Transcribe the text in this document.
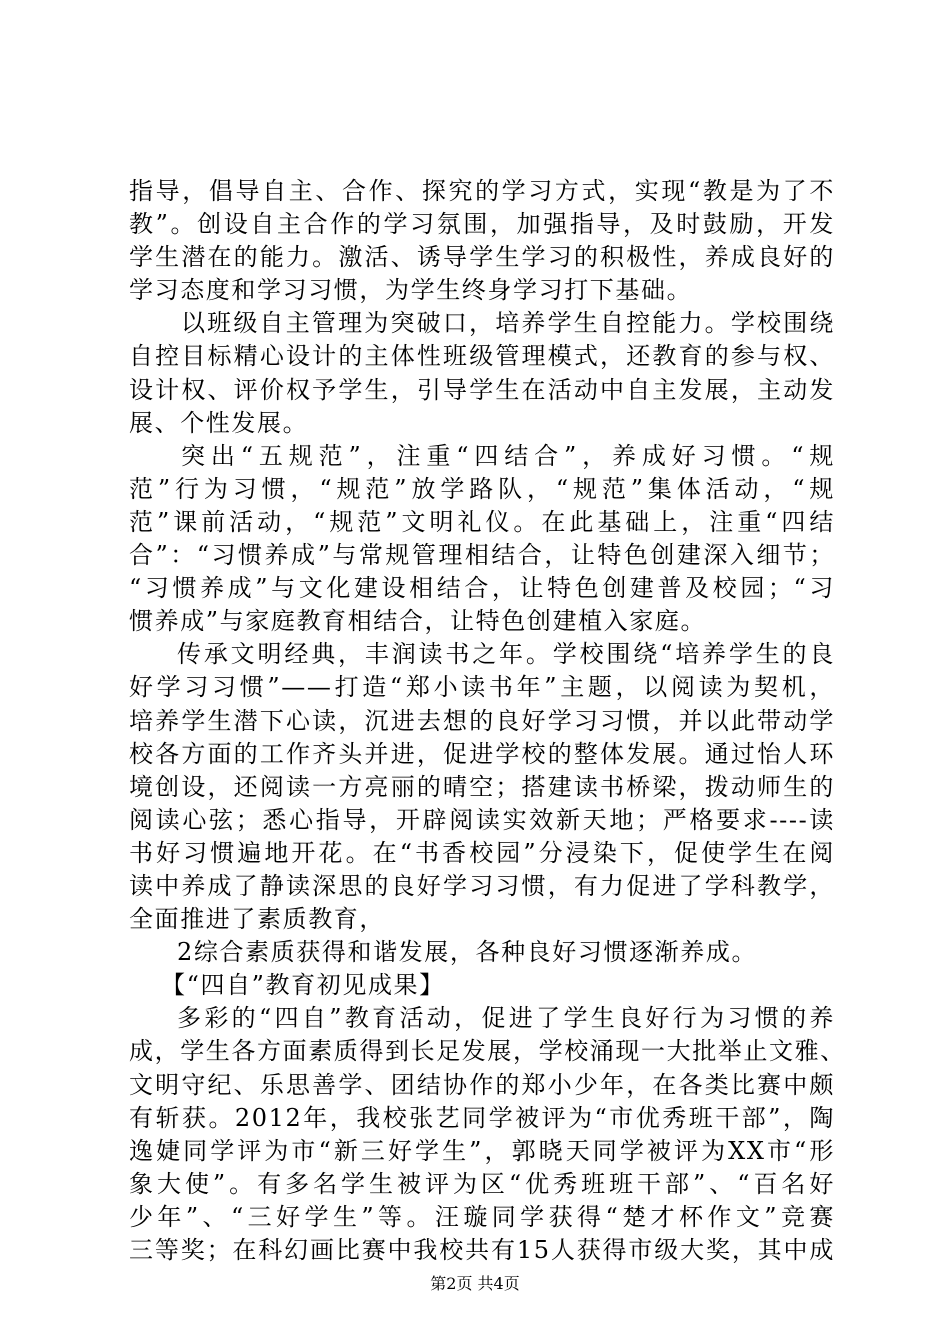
指导，倡导自主、合作、探究的学习方式，实现“教是为了不
教”。创设自主合作的学习氛围，加强指导，及时鼓励，开发
学生潜在的能力。激活、诱导学生学习的积极性，养成良好的
学习态度和学习习惯，为学生终身学习打下基础。
以班级自主管理为突破口，培养学生自控能力。学校围绕
自控目标精心设计的主体性班级管理模式，还教育的参与权、
设计权、评价权予学生，引导学生在活动中自主发展，主动发
展、个性发展。
突出“五规范”，注重“四结合”，养成好习惯。“规
范”行为习惯，“规范”放学路队，“规范”集体活动，“规
范”课前活动，“规范”文明礼仪。在此基础上，注重“四结
合”：“习惯养成”与常规管理相结合，让特色创建深入细节；
“习惯养成”与文化建设相结合，让特色创建普及校园；“习
惯养成”与家庭教育相结合，让特色创建植入家庭。
传承文明经典，丰润读书之年。学校围绕“培养学生的良
好学习习惯”——打造“郑小读书年”主题，以阅读为契机，
培养学生潜下心读，沉进去想的良好学习习惯，并以此带动学
校各方面的工作齐头并进，促进学校的整体发展。通过怡人环
境创设，还阅读一方亮丽的晴空；搭建读书桥梁，拨动师生的
阅读心弦；悉心指导，开辟阅读实效新天地；严格要求----读
书好习惯遍地开花。在“书香校园”分浸染下，促使学生在阅
读中养成了静读深思的良好学习习惯，有力促进了学科教学，
全面推进了素质教育，
2综合素质获得和谐发展，各种良好习惯逐渐养成。
【“四自”教育初见成果】
多彩的“四自”教育活动，促进了学生良好行为习惯的养
成，学生各方面素质得到长足发展，学校涌现一大批举止文雅、
文明守纪、乐思善学、团结协作的郑小少年，在各类比赛中颇
有斩获。2012年，我校张艺同学被评为“市优秀班干部”，陶
逸婕同学评为市“新三好学生”，郭晓天同学被评为XX市“形
象大使”。有多名学生被评为区“优秀班班干部”、“百名好
少年”、“三好学生”等。汪璇同学获得“楚才杯作文”竞赛
三等奖；在科幻画比赛中我校共有15人获得市级大奖，其中成
第2页 共4页
